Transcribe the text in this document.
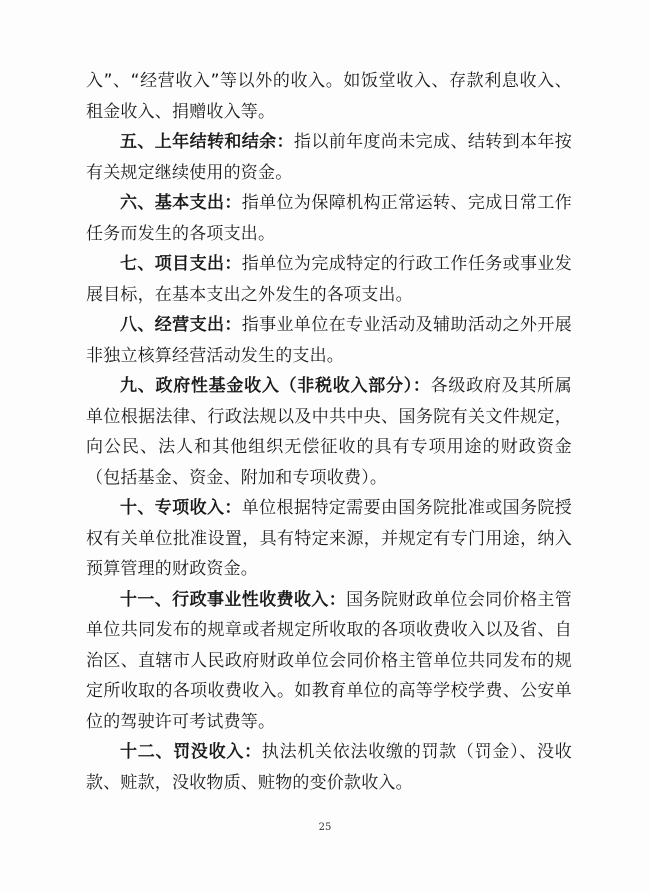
入”、“经营收入”等以外的收入。如饭堂收入、存款利息收入、租金收入、捐赠收入等。

五、上年结转和结余：指以前年度尚未完成、结转到本年按有关规定继续使用的资金。

六、基本支出：指单位为保障机构正常运转、完成日常工作任务而发生的各项支出。

七、项目支出：指单位为完成特定的行政工作任务或事业发展目标，在基本支出之外发生的各项支出。

八、经营支出：指事业单位在专业活动及辅助活动之外开展非独立核算经营活动发生的支出。

九、政府性基金收入（非税收入部分）：各级政府及其所属单位根据法律、行政法规以及中共中央、国务院有关文件规定，向公民、法人和其他组织无偿征收的具有专项用途的财政资金（包括基金、资金、附加和专项收费）。

十、专项收入：单位根据特定需要由国务院批准或国务院授权有关单位批准设置，具有特定来源，并规定有专门用途，纳入预算管理的财政资金。

十一、行政事业性收费收入：国务院财政单位会同价格主管单位共同发布的规章或者规定所收取的各项收费收入以及省、自治区、直辖市人民政府财政单位会同价格主管单位共同发布的规定所收取的各项收费收入。如教育单位的高等学校学费、公安单位的驾驶许可考试费等。

十二、罚没收入：执法机关依法收缴的罚款（罚金）、没收款、赃款，没收物质、赃物的变价款收入。

25
